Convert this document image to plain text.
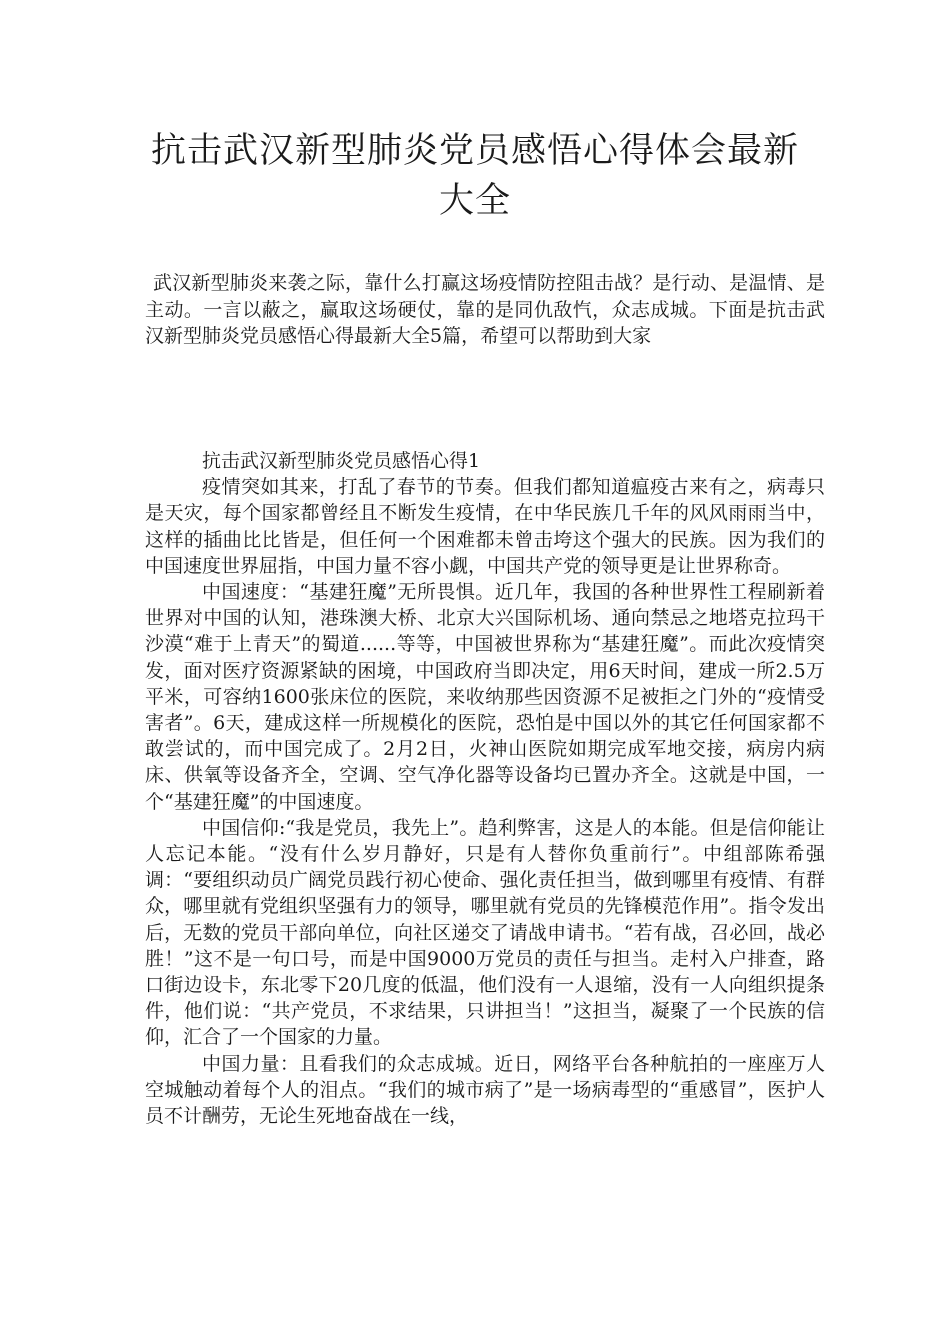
抗击武汉新型肺炎党员感悟心得体会最新
大全

武汉新型肺炎来袭之际，靠什么打赢这场疫情防控阻击战？是行动、是温情、是主动。一言以蔽之，赢取这场硬仗，靠的是同仇敌忾，众志成城。下面是抗击武汉新型肺炎党员感悟心得最新大全5篇，希望可以帮助到大家

抗击武汉新型肺炎党员感悟心得1

疫情突如其来，打乱了春节的节奏。但我们都知道瘟疫古来有之，病毒只是天灾，每个国家都曾经且不断发生疫情，在中华民族几千年的风风雨雨当中，这样的插曲比比皆是，但任何一个困难都未曾击垮这个强大的民族。因为我们的中国速度世界屈指，中国力量不容小觑，中国共产党的领导更是让世界称奇。

中国速度：“基建狂魔”无所畏惧。近几年，我国的各种世界性工程刷新着世界对中国的认知，港珠澳大桥、北京大兴国际机场、通向禁忌之地塔克拉玛干沙漠“难于上青天”的蜀道......等等，中国被世界称为“基建狂魔”。而此次疫情突发，面对医疗资源紧缺的困境，中国政府当即决定，用6天时间，建成一所2.5万平米，可容纳1600张床位的医院，来收纳那些因资源不足被拒之门外的“疫情受害者”。6天，建成这样一所规模化的医院，恐怕是中国以外的其它任何国家都不敢尝试的，而中国完成了。2月2日，火神山医院如期完成军地交接，病房内病床、供氧等设备齐全，空调、空气净化器等设备均已置办齐全。这就是中国，一个“基建狂魔”的中国速度。

中国信仰:“我是党员，我先上”。趋利弊害，这是人的本能。但是信仰能让人忘记本能。“没有什么岁月静好，只是有人替你负重前行”。中组部陈希强调：“要组织动员广阔党员践行初心使命、强化责任担当，做到哪里有疫情、有群众，哪里就有党组织坚强有力的领导，哪里就有党员的先锋模范作用”。指令发出后，无数的党员干部向单位，向社区递交了请战申请书。“若有战，召必回，战必胜！”这不是一句口号，而是中国9000万党员的责任与担当。走村入户排查，路口街边设卡，东北零下20几度的低温，他们没有一人退缩，没有一人向组织提条件，他们说：“共产党员，不求结果，只讲担当！”这担当，凝聚了一个民族的信仰，汇合了一个国家的力量。

中国力量：且看我们的众志成城。近日，网络平台各种航拍的一座座万人空城触动着每个人的泪点。“我们的城市病了”是一场病毒型的“重感冒”，医护人员不计酬劳，无论生死地奋战在一线，
